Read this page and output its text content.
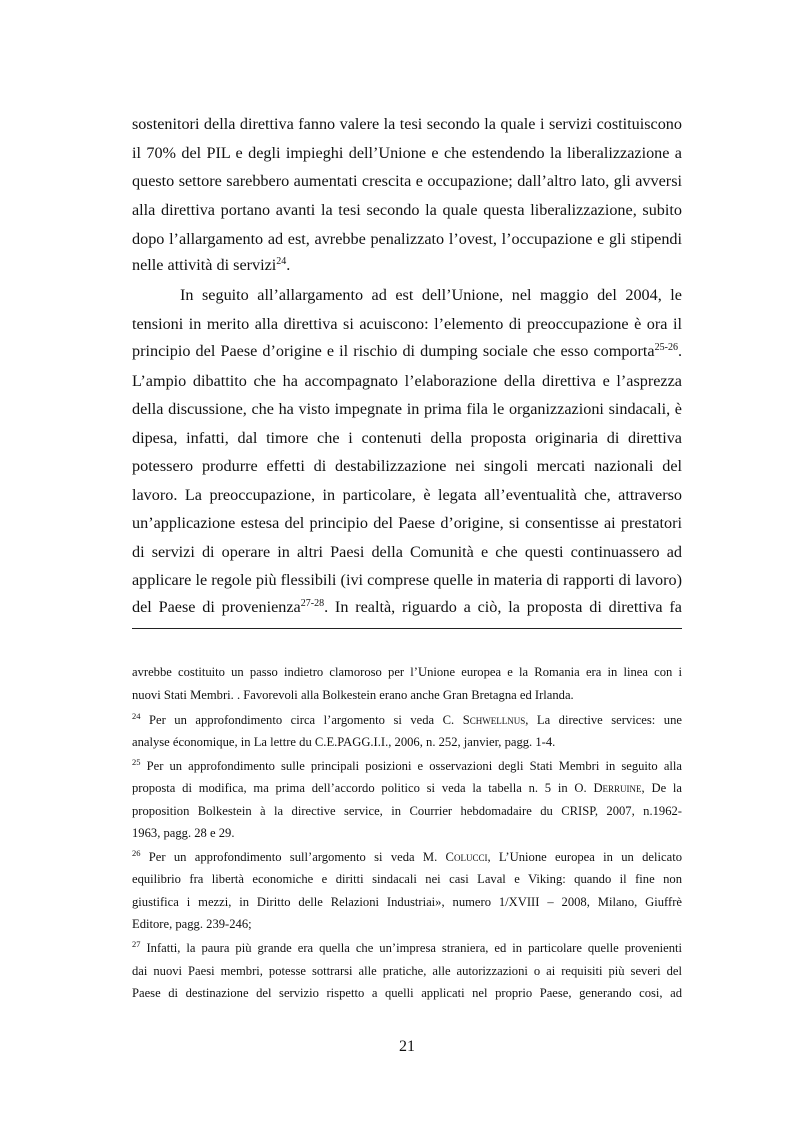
sostenitori della direttiva fanno valere la tesi secondo la quale i servizi costituiscono
il 70% del PIL e degli impieghi dell’Unione e che estendendo la liberalizzazione a
questo settore sarebbero aumentati crescita e occupazione; dall’altro lato, gli avversi
alla direttiva portano avanti la tesi secondo la quale questa liberalizzazione, subito
dopo l’allargamento ad est, avrebbe penalizzato l’ovest, l’occupazione e gli stipendi
nelle attività di servizi$^{24}$.
In seguito all’allargamento ad est dell’Unione, nel maggio del 2004, le
tensioni in merito alla direttiva si acuiscono: l’elemento di preoccupazione è ora il
principio del Paese d’origine e il rischio di dumping sociale che esso comporta$^{25-26}$.
L’ampio dibattito che ha accompagnato l’elaborazione della direttiva e l’asprezza
della discussione, che ha visto impegnate in prima fila le organizzazioni sindacali, è
dipesa, infatti, dal timore che i contenuti della proposta originaria di direttiva
potessero produrre effetti di destabilizzazione nei singoli mercati nazionali del
lavoro. La preoccupazione, in particolare, è legata all’eventualità che, attraverso
un’applicazione estesa del principio del Paese d’origine, si consentisse ai prestatori
di servizi di operare in altri Paesi della Comunità e che questi continuassero ad
applicare le regole più flessibili (ivi comprese quelle in materia di rapporti di lavoro)
del Paese di provenienza$^{27-28}$. In realtà, riguardo a ciò, la proposta di direttiva fa
avrebbe costituito un passo indietro clamoroso per l’Unione europea e la Romania era in linea con i
nuovi Stati Membri. . Favorevoli alla Bolkestein erano anche Gran Bretagna ed Irlanda.
$^{24}$ Per un approfondimento circa l’argomento si veda C. Schwellnus, La directive services: une
analyse économique, in La lettre du C.E.PAGG.I.I., 2006, n. 252, janvier, pagg. 1-4.
$^{25}$ Per un approfondimento sulle principali posizioni e osservazioni degli Stati Membri in seguito alla
proposta di modifica, ma prima dell’accordo politico si veda la tabella n. 5 in O. Derruine, De la
proposition Bolkestein à la directive service, in Courrier hebdomadaire du CRISP, 2007, n.1962-
1963, pagg. 28 e 29.
$^{26}$ Per un approfondimento sull’argomento si veda M. Colucci, L’Unione europea in un delicato
equilibrio fra libertà economiche e diritti sindacali nei casi Laval e Viking: quando il fine non
giustifica i mezzi, in Diritto delle Relazioni Industriai», numero 1/XVIII – 2008, Milano, Giuffrè
Editore, pagg. 239-246;
$^{27}$ Infatti, la paura più grande era quella che un’impresa straniera, ed in particolare quelle provenienti
dai nuovi Paesi membri, potesse sottrarsi alle pratiche, alle autorizzazioni o ai requisiti più severi del
Paese di destinazione del servizio rispetto a quelli applicati nel proprio Paese, generando cosi, ad
21
